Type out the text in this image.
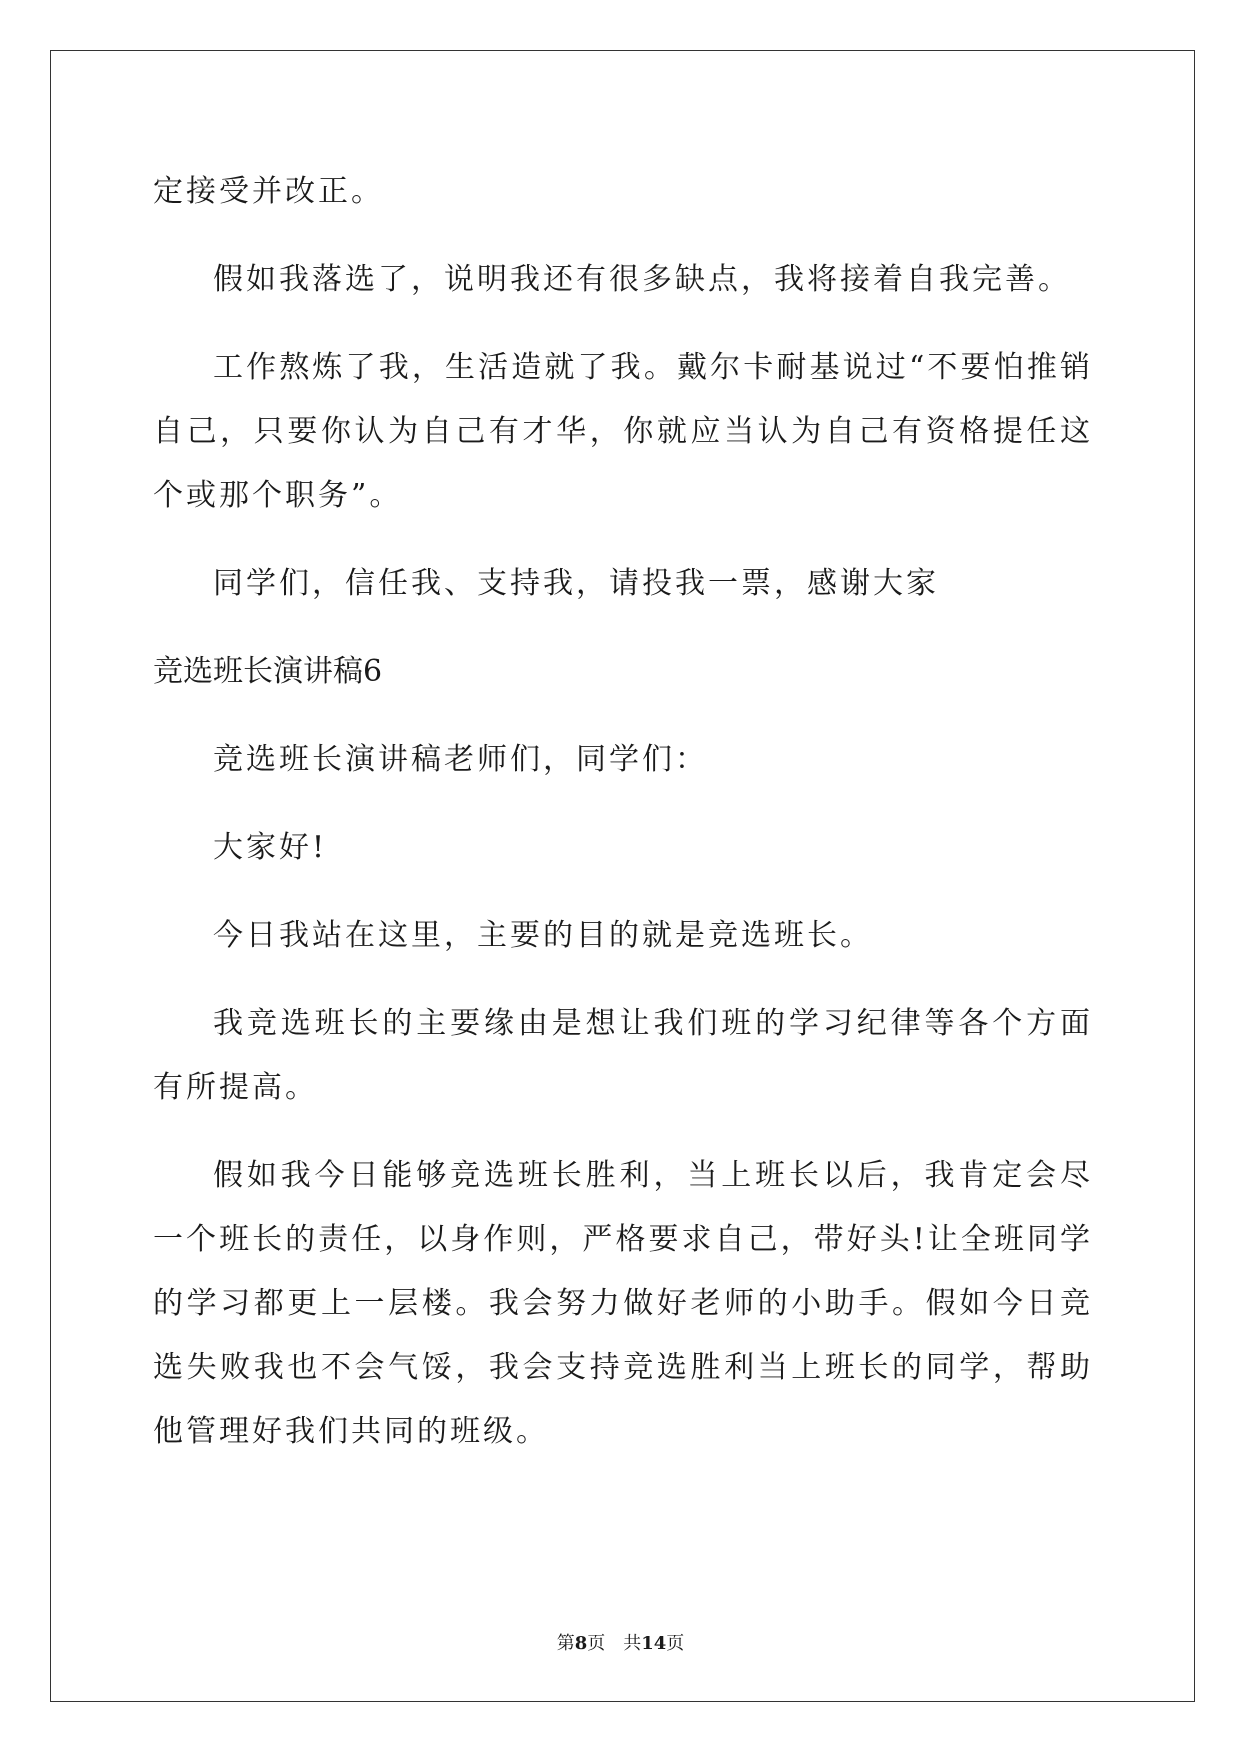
定接受并改正。

假如我落选了，说明我还有很多缺点，我将接着自我完善。

工作熬炼了我，生活造就了我。戴尔卡耐基说过“不要怕推销自己，只要你认为自己有才华，你就应当认为自己有资格提任这个或那个职务”。

同学们，信任我、支持我，请投我一票，感谢大家

竞选班长演讲稿6

竞选班长演讲稿老师们，同学们：

大家好!

今日我站在这里，主要的目的就是竞选班长。

我竞选班长的主要缘由是想让我们班的学习纪律等各个方面有所提高。

假如我今日能够竞选班长胜利，当上班长以后，我肯定会尽一个班长的责任，以身作则，严格要求自己，带好头!让全班同学的学习都更上一层楼。我会努力做好老师的小助手。假如今日竞选失败我也不会气馁，我会支持竞选胜利当上班长的同学，帮助他管理好我们共同的班级。

第8页 共14页
